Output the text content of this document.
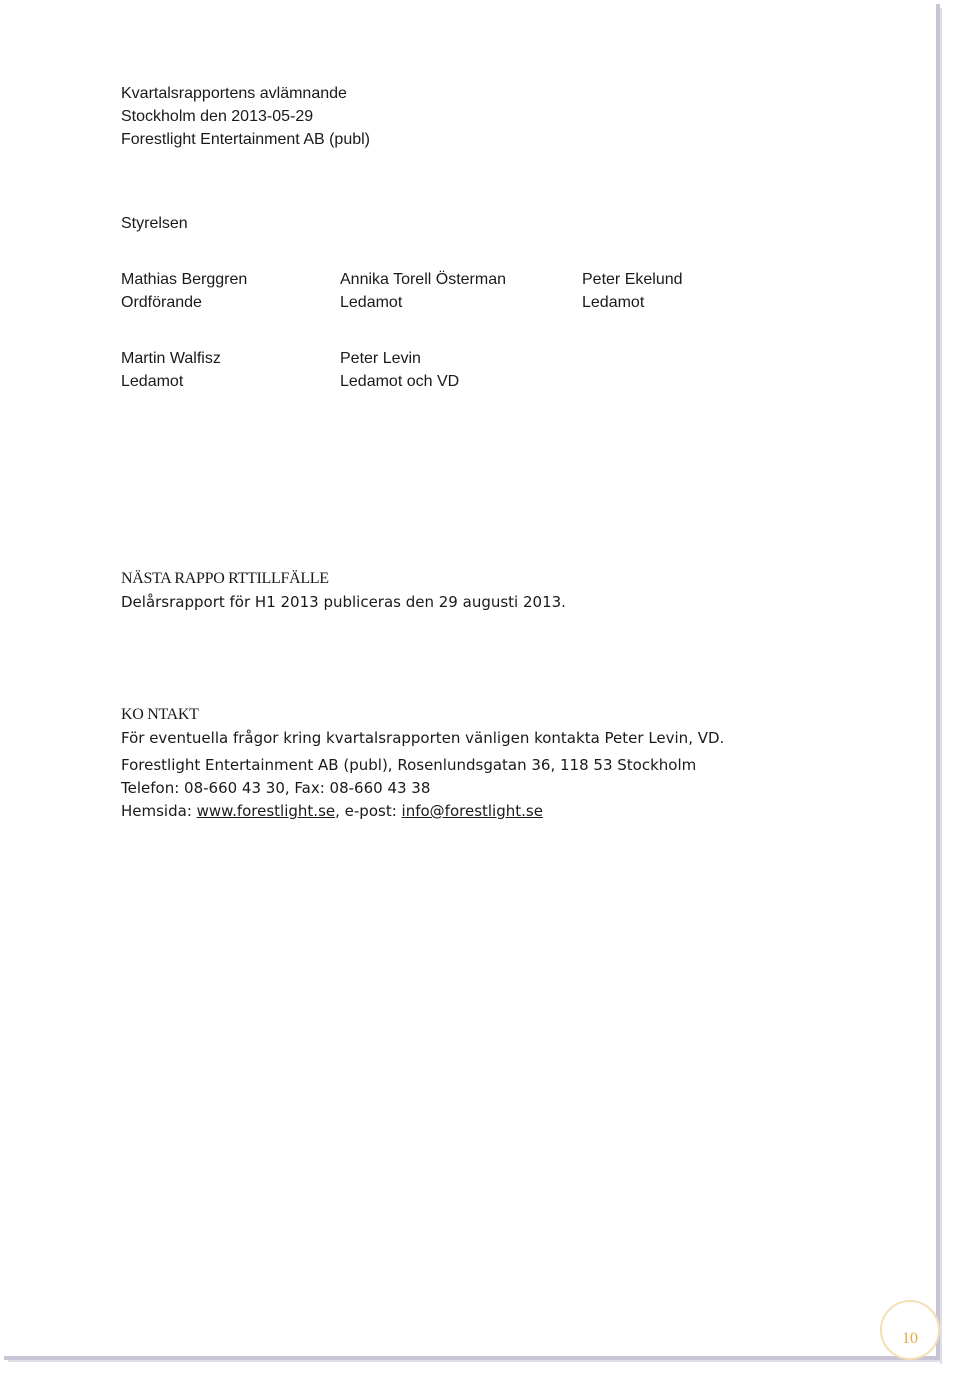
Kvartalsrapportens avlämnande
Stockholm den 2013-05-29
Forestlight Entertainment AB (publ)
Styrelsen
Mathias Berggren
Ordförande
Annika Torell Österman
Ledamot
Peter Ekelund
Ledamot
Martin Walfisz
Ledamot
Peter Levin
Ledamot och VD
NÄSTA RAPPO RTTILLFÄLLE
Delårsrapport för H1 2013 publiceras den 29 augusti 2013.
KO NTAKT
För eventuella frågor kring kvartalsrapporten vänligen kontakta Peter Levin, VD.
Forestlight Entertainment AB (publ), Rosenlundsgatan 36, 118 53 Stockholm
Telefon: 08-660 43 30, Fax: 08-660 43 38
Hemsida: www.forestlight.se, e-post: info@forestlight.se
10
